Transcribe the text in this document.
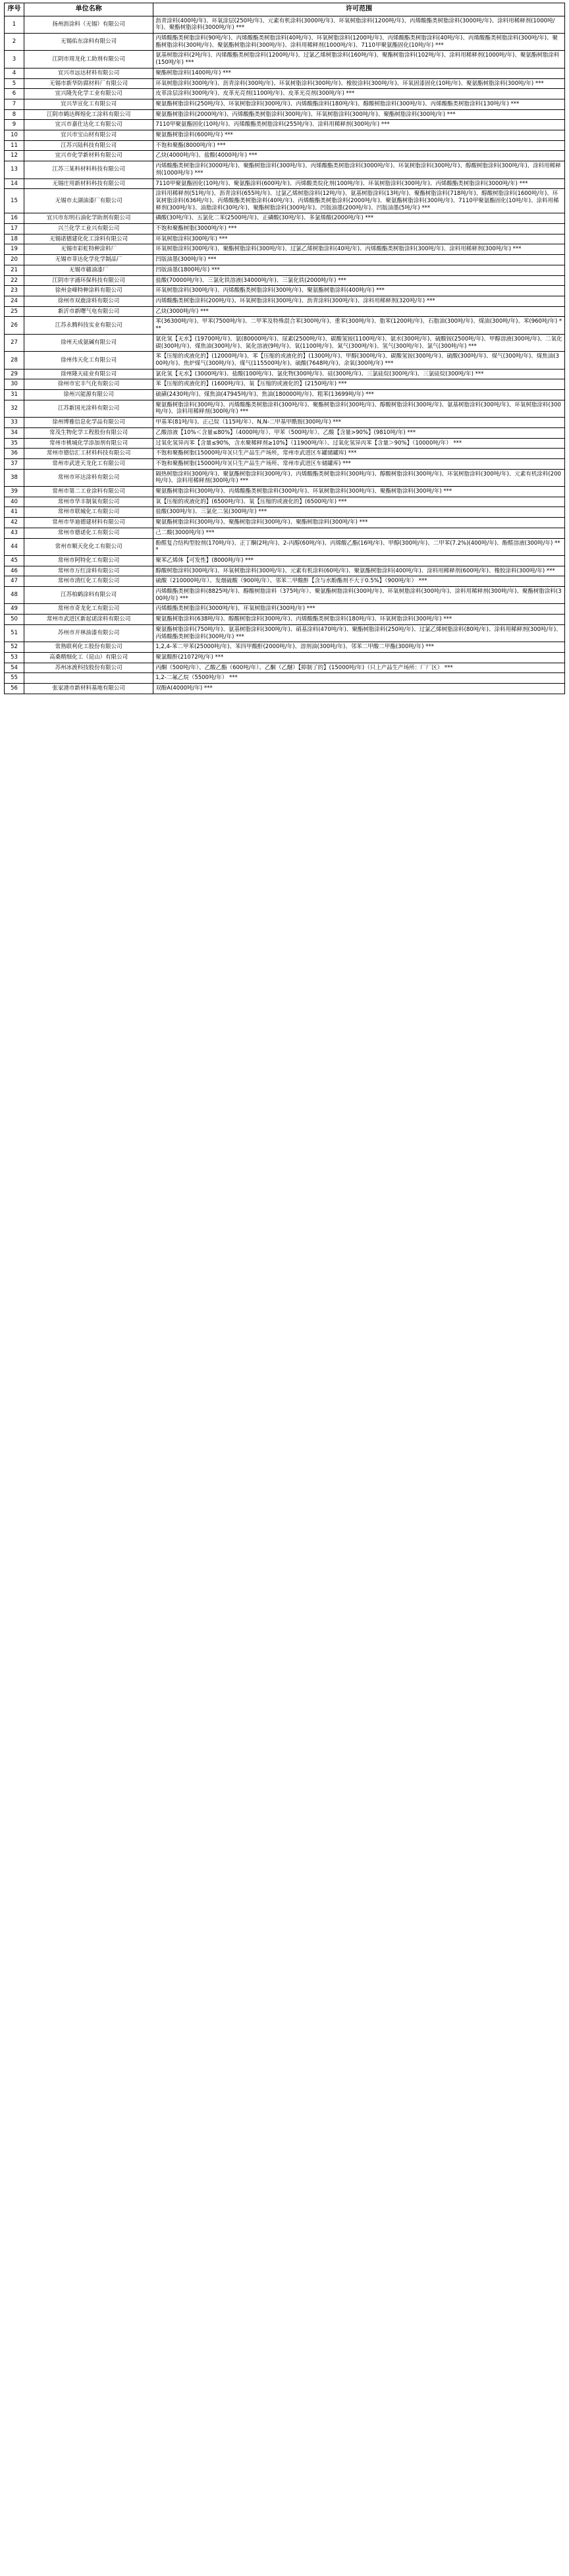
序号	单位名称	许可范围
1	扬州沥涂料（无锡）有限公司	沥青涂料(400吨/年)、环氧涂层(250吨/年)、元素有机涂料(3000吨/年)、环氧树脂涂料(1200吨/年)、丙烯酸酯类树脂涂料(3000吨/年)、涂料用稀释剂(1000吨/年)、聚酯树脂涂料(3000吨/年) ***
2	无锡佑东涂料有限公司	丙烯酸酯类树脂涂料(90吨/年)、丙烯酸酯类树脂涂料(40吨/年)、环氧树脂涂料(1200吨/年)、丙烯酸酯类树脂涂料(40吨/年)、丙烯酸酯类树脂涂料(300吨/年)、聚酯树脂涂料(300吨/年)、聚氨酯树脂涂料(300吨/年)、涂料用稀释剂(1000吨/年)、7110甲聚氨酯固化(10吨/年) ***
3	江阴市周龙化工助剂有限公司	氨基树脂涂料(2吨/年)、丙烯酸酯类树脂涂料(1200吨/年)、过氯乙烯树脂涂料(160吨/年)、聚酯树脂涂料(102吨/年)、涂料用稀释剂(1000吨/年)、聚氨酯树脂涂料(150吨/年) ***
4	宜兴市远达材料有限公司	聚酯树脂涂料(1400吨/年) ***
5	无锡市新华防腐材料厂有限公司	环氧树脂涂料(300吨/年)、沥青涂料(300吨/年)、环氧树脂涂料(300吨/年)、橡胶涂料(300吨/年)、环氧固漆固化(10吨/年)、聚氨酯树脂涂料(300吨/年) ***
6	宜兴隆先化学工业有限公司	皮革涂层涂料(300吨/年)、皮革光亮剂(1100吨/年)、皮革光亮剂(300吨/年) ***
7	宜兴华宣化工有限公司	聚氨酯树脂涂料(250吨/年)、环氧树脂涂料(300吨/年)、丙烯酸酯涂料(180吨/年)、醇酸树脂涂料(300吨/年)、丙烯酸酯类树脂涂料(130吨/年) ***
8	江阴市鹤达辉煌化工涂料有限公司	聚氨酯树脂涂料(2000吨/年)、丙烯酸酯类树脂涂料(300吨/年)、环氧树脂涂料(300吨/年)、聚酯树脂涂料(300吨/年) ***
9	宜兴市嘉仕达化工有限公司	7110甲聚氨酯固化(10吨/年)、丙烯酸酯类树脂涂料(255吨/年)、涂料用稀释剂(300吨/年) ***
10	宜兴市宝山材有限公司	聚氨酯树脂涂料(600吨/年) ***
11	江苏兴陆科技有限公司	不饱和聚酯(8000吨/年) ***
12	宜兴市化学新材料有限公司	乙炔(4000吨/年)、盐酸(4000吨/年) ***
13	江苏三某科材料科技有限公司	丙烯酸酯类树脂涂料(3000吨/年)、聚酯树脂涂料(300吨/年)、丙烯酸酯类树脂涂料(3000吨/年)、环氧树脂涂料(300吨/年)、醇酸树脂涂料(300吨/年)、涂料用稀释剂(1000吨/年) ***
14	无锡庄用新材料科技有限公司	7110甲聚氨酯固化(10吨/年)、聚氨酯涂料(600吨/年)、丙烯酸类烷化剂(100吨/年)、环氧树脂涂料(300吨/年)、丙烯酸酯类树脂涂料(3000吨/年) ***
15	无锡市太湖油漆厂有限公司	涂料用稀释剂(51吨/年)、沥青涂料(655吨/年)、过氯乙烯树脂涂料(12吨/年)、氨基树脂涂料(13吨/年)、聚酯树脂涂料(718吨/年)、醇酸树脂涂料(1600吨/年)、环氧树脂涂料(636吨/年)、丙烯酸酯类树脂涂料(40吨/年)、丙烯酸酯类树脂涂料(2000吨/年)、聚氨酯树脂涂料(300吨/年)、7110甲聚氨酯固化(10吨/年)、涂料用稀释剂(300吨/年)、油脂涂料(30吨/年)、聚酯树脂涂料(300吨/年)、凹版油墨(200吨/年)、凹版油墨(5吨/年) ***
16	宜兴市东明石油化学助剂有限公司	磷酸(30吨/年)、五氯化二苯(2500吨/年)、正磷酸(30吨/年)、多氯烯酸(2000吨/年) ***
17	兴兰化学工业兴有限公司	不饱和聚酯树脂(3000吨/年) ***
18	无锡诺德建化化工涂料有限公司	环氧树脂涂料(300吨/年) ***
19	无锡市彩虹特种涂料厂	环氧树脂涂料(300吨/年)、聚酯树脂涂料(300吨/年)、过氯乙烯树脂涂料(40吨/年)、丙烯酸酯类树脂涂料(300吨/年)、涂料用稀释剂(300吨/年) ***
20	无锡市菲达化学化学制品厂	凹版油墨(300吨/年) ***
21	无锡市赣油漆厂	凹版油墨(1800吨/年) ***
22	江阴市字涌环保科技有限公司	盐酸(70000吨/年)、三氯化铁溶液(34000吨/年)、三氯化铁(2000吨/年) ***
23	徐州金峰特种涂料有限公司	环氧树脂涂料(300吨/年)、丙烯酸酯类树脂涂料(300吨/年)、聚氨酯树脂涂料(400吨/年) ***
24	徐州市双鹿涂料有限公司	丙烯酸酯类树脂涂料(200吨/年)、环氧树脂涂料(300吨/年)、沥青涂料(300吨/年)、涂料用稀释剂(320吨/年) ***
25	新沂市新曙气电有限公司	乙炔(3000吨/年) ***
26	江苏永腾科技实业有限公司	苯(36300吨/年)、甲苯(7500吨/年)、二甲苯及特殊混合苯(300吨/年)、重苯(300吨/年)、脂苯(1200吨/年)、石脂油(300吨/年)、煤油(300吨/年)、苯(960吨/年) ***
27	徐州天成氨碱有限公司	氨化氢【无水】(19700吨/年)、氨(80000吨/年)、尿素(2500吨/年)、碳酸氢铵(1100吨/年)、氨水(300吨/年)、硫酸铵(2500吨/年)、甲醇溶液(300吨/年)、二氧化碳(300吨/年)、煤焦油(300吨/年)、氮化溶液(9吨/年)、氧(1100吨/年)、氮气(300吨/年)、氢气(300吨/年)、氯气(300吨/年) ***
28	徐州伟天化工有限公司	苯【压缩的或液化的】(12000吨/年)、苯【压缩的或液化的】(1300吨/年)、甲醇(300吨/年)、碳酸氢铵(300吨/年)、硫酸(300吨/年)、煤气(300吨/年)、煤焦油(300吨/年)、焦炉煤气(300吨/年)、煤气(115500吨/年)、硫酸(7648吨/年)、余氧(300吨/年) ***
29	徐州隆天硅业有限公司	氯化氢【无水】(3000吨/年)、盐酸(100吨/年)、氯化物(300吨/年)、硅(300吨/年)、三氯硅烷(300吨/年)、三氯硅烷(300吨/年) ***
30	徐州市宏丰气化有限公司	苯【压缩的或液化的】(1600吨/年)、氧【压缩的或液化的】(2150吨/年) ***
31	徐州兴能源有限公司	硫磺(2430吨/年)、煤焦油(47945吨/年)、焦油(180000吨/年)、粗苯(13699吨/年) ***
32	江苏新国光涂料有限公司	聚氨酯树脂涂料(300吨/年)、丙烯酸酯类树脂涂料(300吨/年)、聚酯树脂涂料(300吨/年)、醇酸树脂涂料(300吨/年)、氨基树脂涂料(300吨/年)、环氧树脂涂料(300吨/年)、涂料用稀释剂(300吨/年) ***
33	徐州博雅信息化学品有限公司	甲基苯(81吨/年)、正己烷（115吨/年）、N,N-二甲基甲酰胺(300吨/年) ***
34	常茂生物化学工程股份有限公司	乙酸溶液【10%＜含量≤80%】（4000吨/年）、甲苯（500吨/年）、乙酸【含量>90%】(9810吨/年) ***
35	常州市桃城化学添加剂有限公司	过氧化氢异丙苯【含量≤90%，含水聚稀释剂≥10%】（11900吨/年）、过氧化氢异丙苯【含量＞90%】（10000吨/年） ***
36	常州市德信汇工材料科技有限公司	不饱和聚酯树脂(15000吨/年)(只生产品生产场所，常州市武进区车罐储罐库) ***
37	常州市武进天龙化工有限公司	不饱和聚酯树脂(15000吨/年)(只生产品生产场所、常州市武进区车储罐库) ***
38	常州市环达涂料有限公司	隔热树脂涂料(300吨/年)、聚氨酯树脂涂料(300吨/年)、丙烯酸酯类树脂涂料(300吨/年)、醇酸树脂涂料(300吨/年)、环氧树脂涂料(300吨/年)、元素有机涂料(200吨/年)、涂料用稀释剂(300吨/年) ***
39	常州市第二工业涂料有限公司	聚氨酯树脂涂料(300吨/年)、丙烯酸酯类树脂涂料(300吨/年)、环氧树脂涂料(300吨/年)、聚酯树脂涂料(300吨/年) ***
40	常州市华丰制氧有限公司	氧【压缩的或液化的】(6500吨/年)、氧【压缩的或液化的】(6500吨/年) ***
41	常州市联城化工有限公司	盐酸(300吨/年)、三氯化二氢(300吨/年) ***
42	常州市华迪德建材料有限公司	聚氨酯树脂涂料(300吨/年)、聚酯树脂涂料(300吨/年)、聚酯树脂涂料(300吨/年) ***
43	常州市德诺化工有限公司	己二酸(3000吨/年) ***
44	常州市顺天化化工有限公司	酚醛复合结构型胶剂(170吨/年)、正丁酮(2吨/年)、2-丙醇(60吨/年)、丙烯酸乙酯(16吨/年)、甲醇(300吨/年)、二甲苯(7.2%)(400吨/年)、酚醛溶液(300吨/年) ***
45	常州市阿特化工有限公司	聚苯乙烯体【可发性】(8000吨/年) ***
46	常州市万红涂料有限公司	醇酸树脂涂料(300吨/年)、环氧树脂涂料(300吨/年)、元素有机涂料(60吨/年)、聚氨酯树脂涂料(400吨/年)、涂料用稀释剂(600吨/年)、橡胶涂料(300吨/年) ***
47	常州市清红化工有限公司	硫酸（210000吨/年）、发烟硫酸（900吨/年）、邻苯二甲酸酐【含与水酚酯剂不大于0.5%】（900吨/年） ***
48	江苏柏鹤涂料有限公司	丙烯酸酯类树脂涂料(8825吨/年)、醇酸树脂涂料（375吨/年）、聚氨酯树脂涂料(300吨/年)、环氧树脂涂料(300吨/年)、涂料用稀释剂(300吨/年)、聚酯树脂涂料(300吨/年) ***
49	常州市奇龙化工有限公司	丙烯酸酯类树脂涂料(3000吨/年)、环氧树脂涂料(300吨/年) ***
50	常州市武进区新起诺涂料有限公司	聚氨酯树脂涂料(638吨/年)、醇酸树脂涂料(300吨/年)、丙烯酸酯类树脂涂料(180吨/年)、环氧树脂涂料(300吨/年) ***
51	苏州市开林油漆有限公司	聚氨酯树脂涂料(750吨/年)、氨基树脂涂料(300吨/年)、硝基涂料(470吨/年)、聚酯树脂涂料(250吨/年)、过氯乙烯树脂涂料(80吨/年)、涂料用稀释剂(300吨/年)、丙烯酸酯类树脂涂料(300吨/年) ***
52	常熟联利化工股份有限公司	1,2,4-苯二甲苯(25000吨/年)、苯四甲酸酐(2000吨/年)、溶剂油(300吨/年)、邻苯二甲酸二甲酯(300吨/年) ***
53	高桑精细化工（昆山）有限公司	聚氯酸酐(21072吨/年) ***
54	苏州冰渡科技股份有限公司	丙酮（500吨/年）、乙酸乙酯（600吨/年）、乙酮（乙醚）【抑制了的】(15000吨/年)（只上产品生产场所：厂厂区） ***
55		1,2-二氟乙烷（5500吨/年） ***
56	张家港市新材料基地有限公司	双酚A(4000吨/年) ***
